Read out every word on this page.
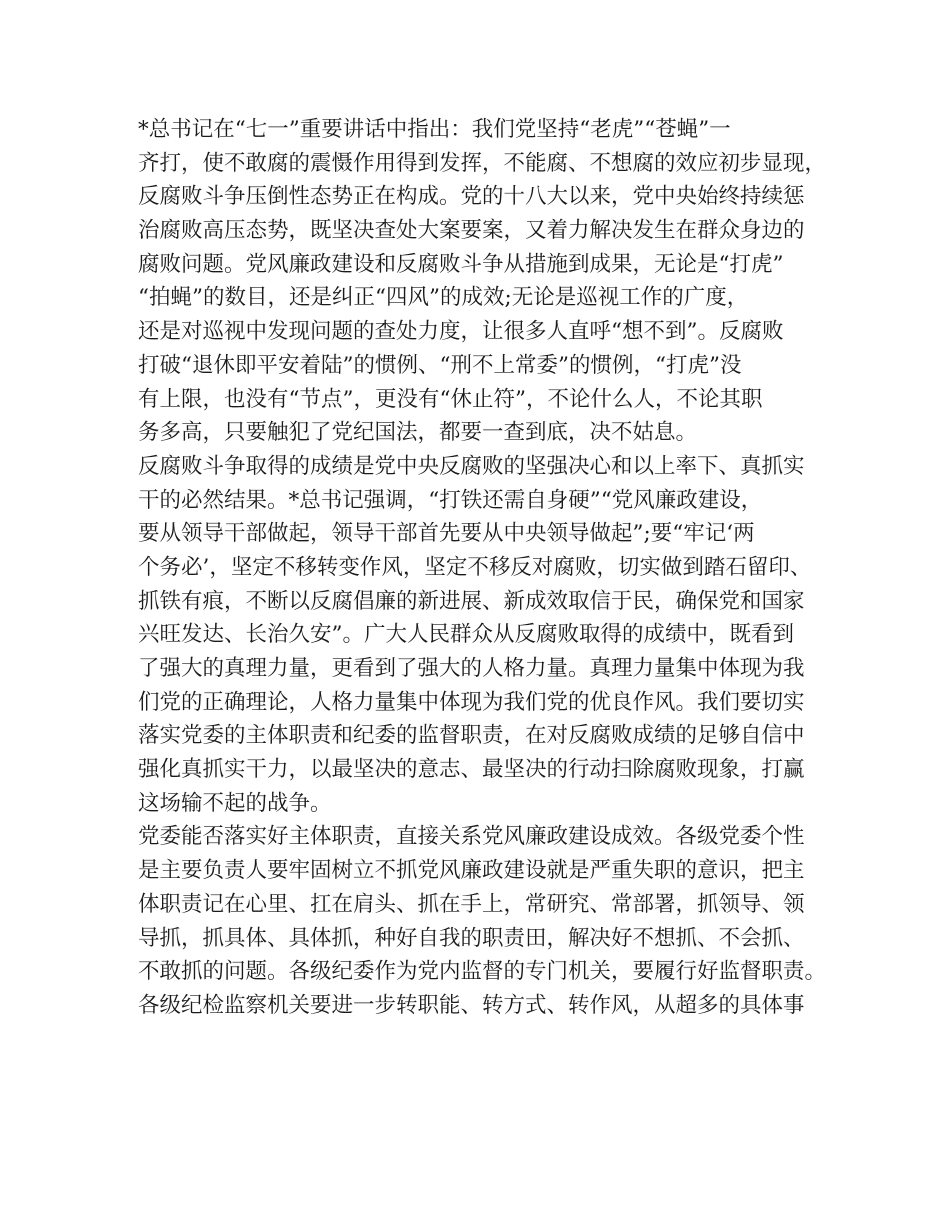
*总书记在“七一”重要讲话中指出：我们党坚持“老虎”“苍蝇”一
齐打，使不敢腐的震慑作用得到发挥，不能腐、不想腐的效应初步显现，
反腐败斗争压倒性态势正在构成。党的十八大以来，党中央始终持续惩
治腐败高压态势，既坚决查处大案要案，又着力解决发生在群众身边的
腐败问题。党风廉政建设和反腐败斗争从措施到成果，无论是“打虎”
“拍蝇”的数目，还是纠正“四风”的成效;无论是巡视工作的广度，
还是对巡视中发现问题的查处力度，让很多人直呼“想不到”。反腐败
打破“退休即平安着陆”的惯例、“刑不上常委”的惯例，“打虎”没
有上限，也没有“节点”，更没有“休止符”，不论什么人，不论其职
务多高，只要触犯了党纪国法，都要一查到底，决不姑息。
反腐败斗争取得的成绩是党中央反腐败的坚强决心和以上率下、真抓实
干的必然结果。*总书记强调，“打铁还需自身硬”“党风廉政建设，
要从领导干部做起，领导干部首先要从中央领导做起”;要“牢记‘两
个务必’，坚定不移转变作风，坚定不移反对腐败，切实做到踏石留印、
抓铁有痕，不断以反腐倡廉的新进展、新成效取信于民，确保党和国家
兴旺发达、长治久安”。广大人民群众从反腐败取得的成绩中，既看到
了强大的真理力量，更看到了强大的人格力量。真理力量集中体现为我
们党的正确理论，人格力量集中体现为我们党的优良作风。我们要切实
落实党委的主体职责和纪委的监督职责，在对反腐败成绩的足够自信中
强化真抓实干力，以最坚决的意志、最坚决的行动扫除腐败现象，打赢
这场输不起的战争。
党委能否落实好主体职责，直接关系党风廉政建设成效。各级党委个性
是主要负责人要牢固树立不抓党风廉政建设就是严重失职的意识，把主
体职责记在心里、扛在肩头、抓在手上，常研究、常部署，抓领导、领
导抓，抓具体、具体抓，种好自我的职责田，解决好不想抓、不会抓、
不敢抓的问题。各级纪委作为党内监督的专门机关，要履行好监督职责。
各级纪检监察机关要进一步转职能、转方式、转作风，从超多的具体事
